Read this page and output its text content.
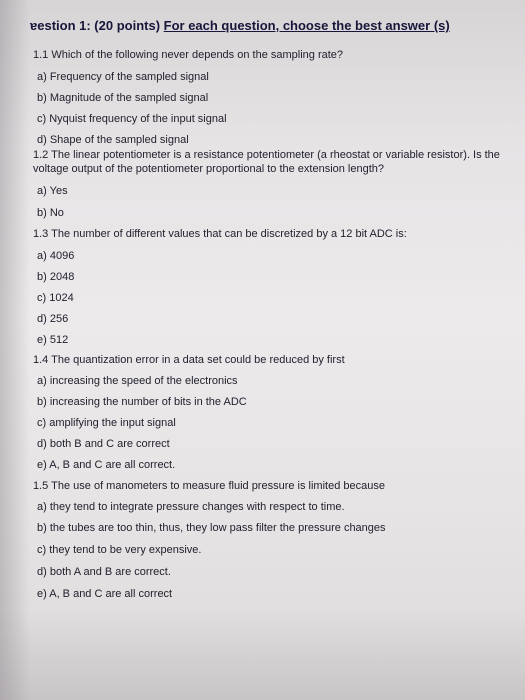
ɐestion 1: (20 points) For each question, choose the best answer (s)

1.1 Which of the following never depends on the sampling rate?

a) Frequency of the sampled signal

b) Magnitude of the sampled signal

c) Nyquist frequency of the input signal

d) Shape of the sampled signal

1.2 The linear potentiometer is a resistance potentiometer (a rheostat or variable resistor). Is the voltage output of the potentiometer proportional to the extension length?

a) Yes

b) No

1.3 The number of different values that can be discretized by a 12 bit ADC is:

a) 4096

b) 2048

c) 1024

d) 256

e) 512

1.4 The quantization error in a data set could be reduced by first

a) increasing the speed of the electronics

b) increasing the number of bits in the ADC

c) amplifying the input signal

d) both B and C are correct

e) A, B and C are all correct.

1.5 The use of manometers to measure fluid pressure is limited because

a) they tend to integrate pressure changes with respect to time.

b) the tubes are too thin, thus, they low pass filter the pressure changes

c) they tend to be very expensive.

d) both A and B are correct.

e) A, B and C are all correct
